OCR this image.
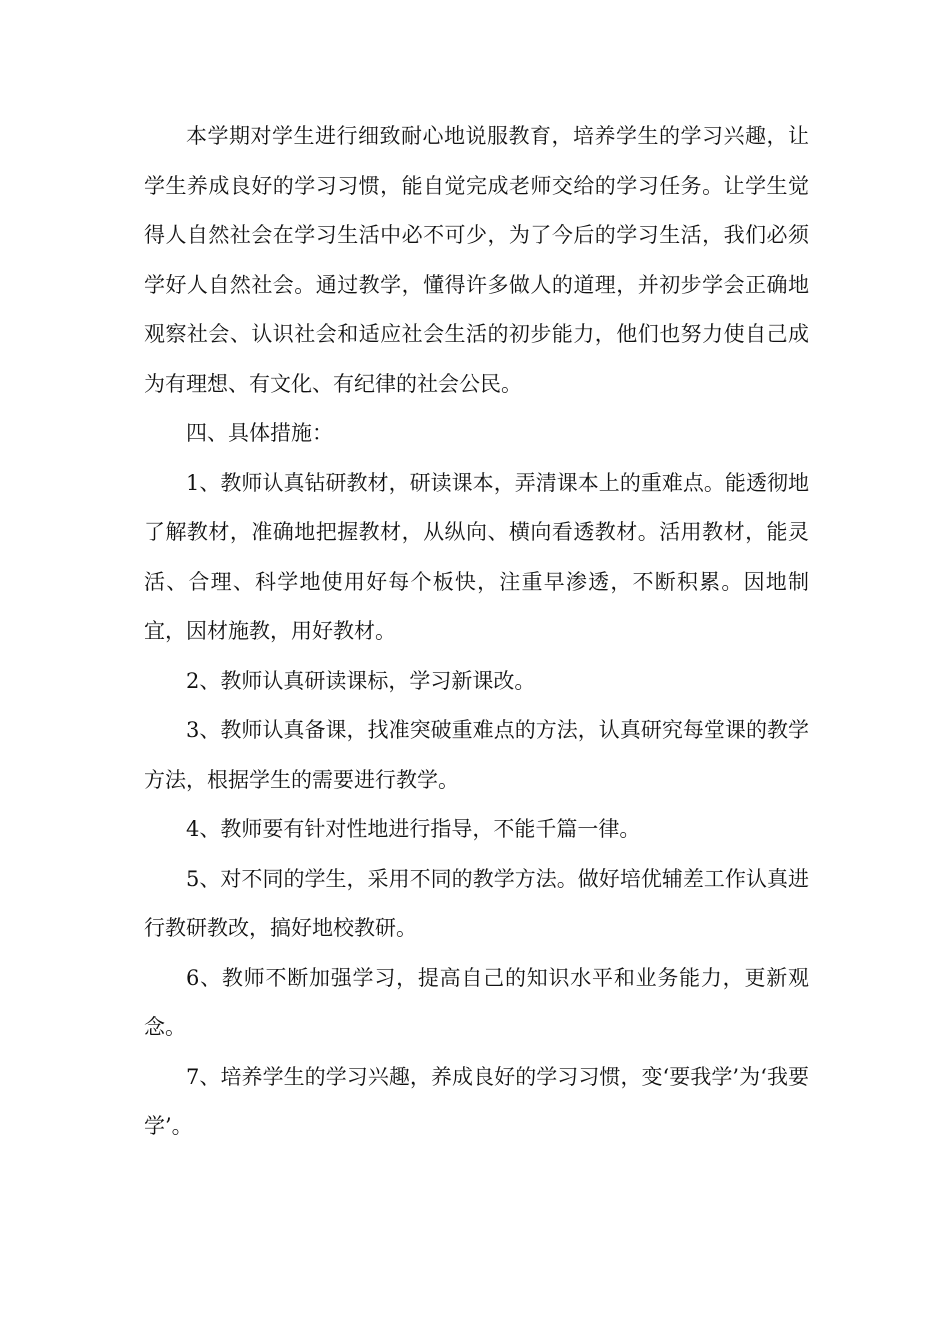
本学期对学生进行细致耐心地说服教育，培养学生的学习兴趣，让学生养成良好的学习习惯，能自觉完成老师交给的学习任务。让学生觉得人自然社会在学习生活中必不可少，为了今后的学习生活，我们必须学好人自然社会。通过教学，懂得许多做人的道理，并初步学会正确地观察社会、认识社会和适应社会生活的初步能力，他们也努力使自己成为有理想、有文化、有纪律的社会公民。

四、具体措施：

1、教师认真钻研教材，研读课本，弄清课本上的重难点。能透彻地了解教材，准确地把握教材，从纵向、横向看透教材。活用教材，能灵活、合理、科学地使用好每个板快，注重早渗透，不断积累。因地制宜，因材施教，用好教材。

2、教师认真研读课标，学习新课改。

3、教师认真备课，找准突破重难点的方法，认真研究每堂课的教学方法，根据学生的需要进行教学。

4、教师要有针对性地进行指导，不能千篇一律。

5、对不同的学生，采用不同的教学方法。做好培优辅差工作认真进行教研教改，搞好地校教研。

6、教师不断加强学习，提高自己的知识水平和业务能力，更新观念。

7、培养学生的学习兴趣，养成良好的学习习惯，变‘要我学’为‘我要学’。
